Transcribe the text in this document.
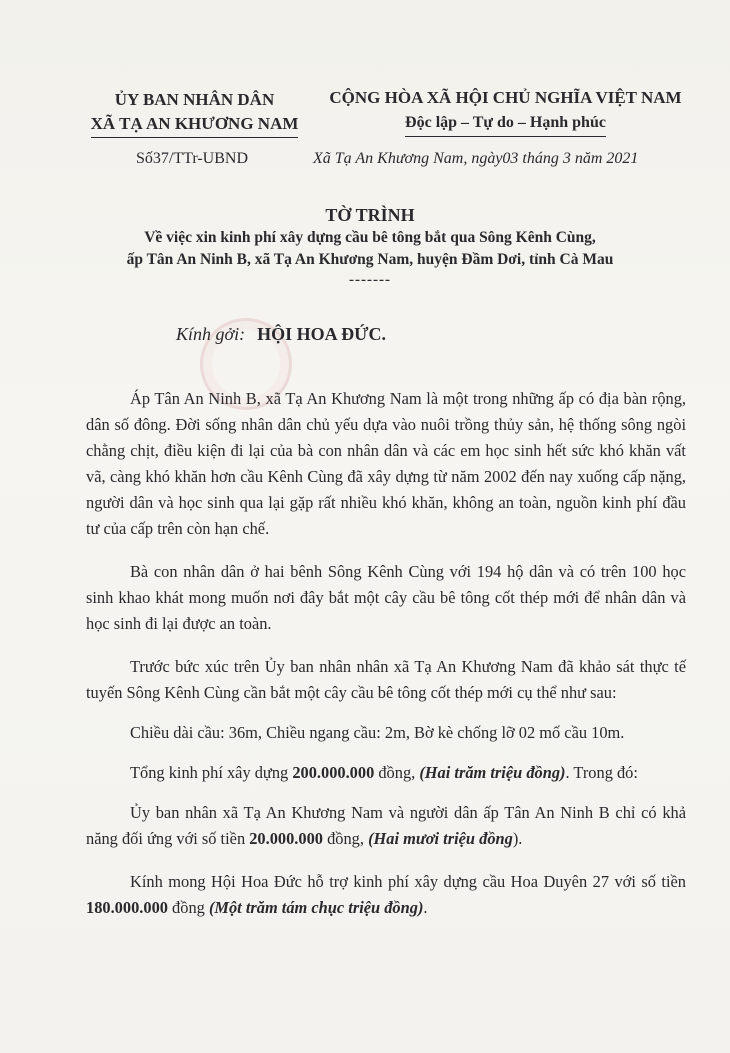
ỦY BAN NHÂN DÂN
XÃ TẠ AN KHƯƠNG NAM
CỘNG HÒA XÃ HỘI CHỦ NGHĨA VIỆT NAM
Độc lập – Tự do – Hạnh phúc
Số37/TTr-UBND	Xã Tạ An Khương Nam, ngày03 tháng 3 năm 2021
TỜ TRÌNH
Về việc xin kinh phí xây dựng cầu bê tông bắt qua Sông Kênh Cùng,
ấp Tân An Ninh B, xã Tạ An Khương Nam, huyện Đầm Dơi, tỉnh Cà Mau
-------
Kính gởi: HỘI HOA ĐỨC.

Áp Tân An Ninh B, xã Tạ An Khương Nam là một trong những ấp có địa bàn rộng, dân số đông. Đời sống nhân dân chủ yếu dựa vào nuôi trồng thủy sản, hệ thống sông ngòi chằng chịt, điều kiện đi lại của bà con nhân dân và các em học sinh hết sức khó khăn vất vã, càng khó khăn hơn cầu Kênh Cùng đã xây dựng từ năm 2002 đến nay xuống cấp nặng, người dân và học sinh qua lại gặp rất nhiều khó khăn, không an toàn, nguồn kinh phí đầu tư của cấp trên còn hạn chế.

Bà con nhân dân ở hai bênh Sông Kênh Cùng với 194 hộ dân và có trên 100 học sinh khao khát mong muốn nơi đây bắt một cây cầu bê tông cốt thép mới để nhân dân và học sinh đi lại được an toàn.

Trước bức xúc trên Ủy ban nhân nhân xã Tạ An Khương Nam đã khảo sát thực tế tuyến Sông Kênh Cùng cần bắt một cây cầu bê tông cốt thép mới cụ thể như sau:

Chiều dài cầu: 36m, Chiều ngang cầu: 2m, Bờ kè chống lỡ 02 mố cầu 10m.

Tổng kinh phí xây dựng 200.000.000 đồng, (Hai trăm triệu đồng). Trong đó:

Ủy ban nhân xã Tạ An Khương Nam và người dân ấp Tân An Ninh B chỉ có khả năng đối ứng với số tiền 20.000.000 đồng, (Hai mươi triệu đồng).

Kính mong Hội Hoa Đức hỗ trợ kinh phí xây dựng cầu Hoa Duyên 27 với số tiền 180.000.000 đồng (Một trăm tám chục triệu đồng).
